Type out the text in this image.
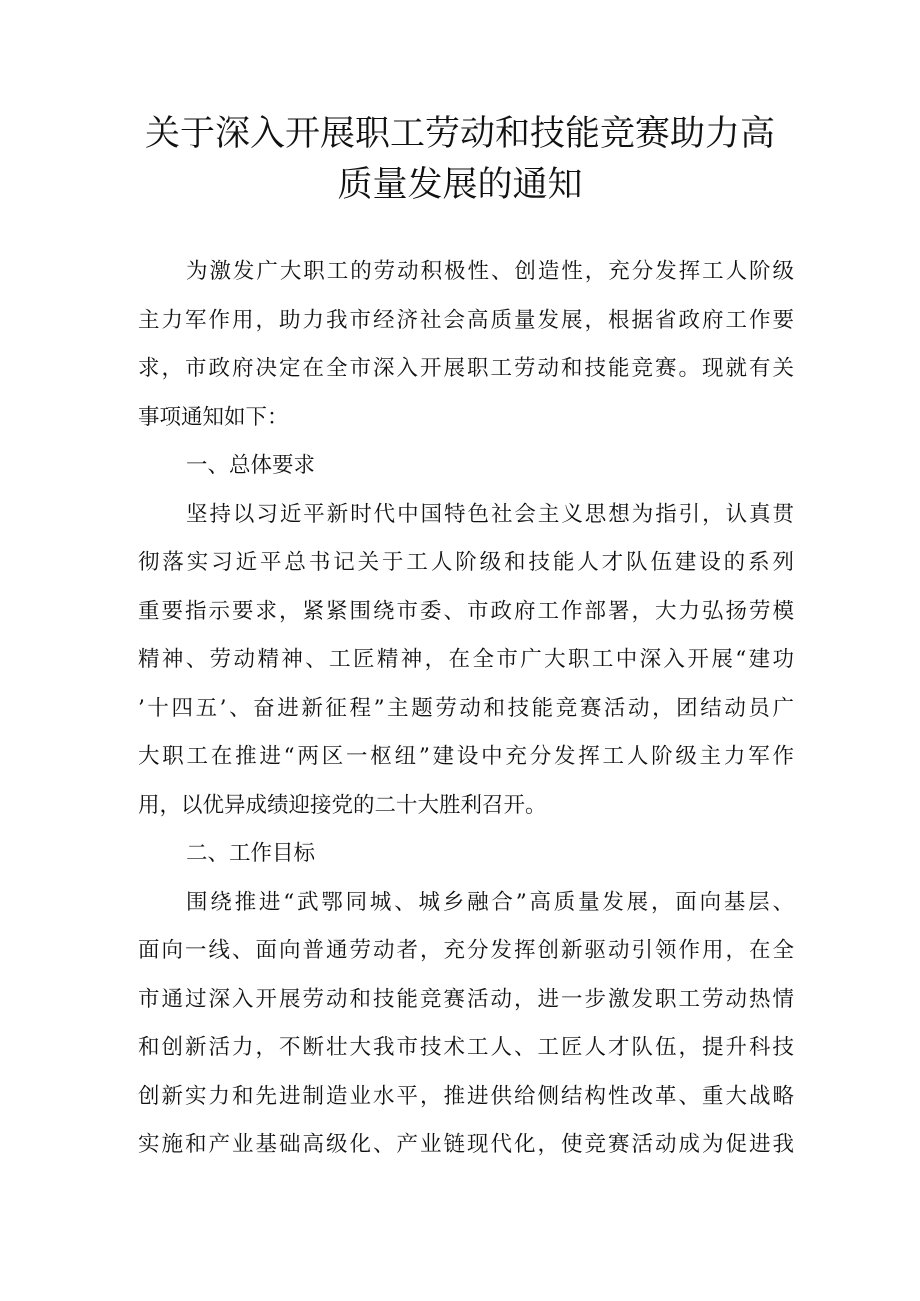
关于深入开展职工劳动和技能竞赛助力高
质量发展的通知
为激发广大职工的劳动积极性、创造性，充分发挥工人阶级
主力军作用，助力我市经济社会高质量发展，根据省政府工作要
求，市政府决定在全市深入开展职工劳动和技能竞赛。现就有关
事项通知如下：
一、总体要求
坚持以习近平新时代中国特色社会主义思想为指引，认真贯
彻落实习近平总书记关于工人阶级和技能人才队伍建设的系列
重要指示要求，紧紧围绕市委、市政府工作部署，大力弘扬劳模
精神、劳动精神、工匠精神，在全市广大职工中深入开展“建功
’十四五’、奋进新征程”主题劳动和技能竞赛活动，团结动员广
大职工在推进“两区一枢纽”建设中充分发挥工人阶级主力军作
用，以优异成绩迎接党的二十大胜利召开。
二、工作目标
围绕推进“武鄂同城、城乡融合”高质量发展，面向基层、
面向一线、面向普通劳动者，充分发挥创新驱动引领作用，在全
市通过深入开展劳动和技能竞赛活动，进一步激发职工劳动热情
和创新活力，不断壮大我市技术工人、工匠人才队伍，提升科技
创新实力和先进制造业水平，推进供给侧结构性改革、重大战略
实施和产业基础高级化、产业链现代化，使竞赛活动成为促进我
